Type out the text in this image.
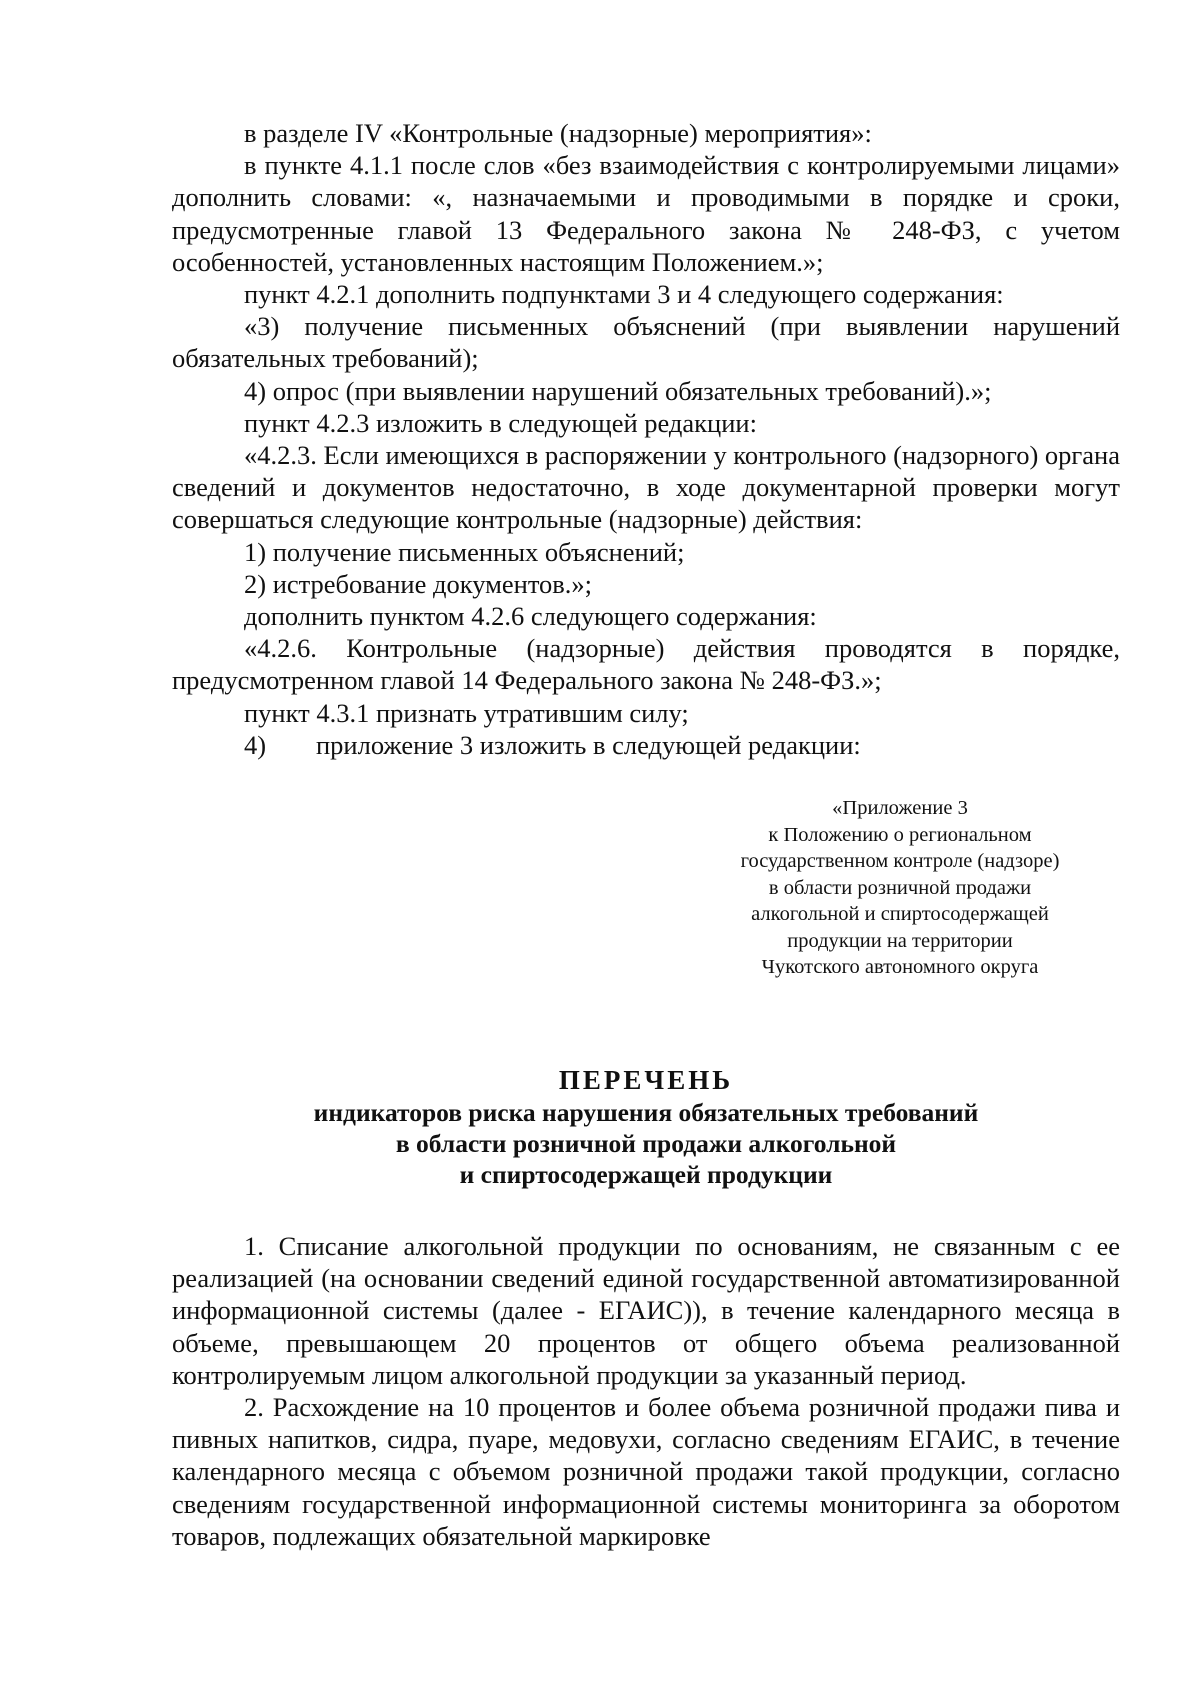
в разделе IV «Контрольные (надзорные) мероприятия»:

в пункте 4.1.1 после слов «без взаимодействия с контролируемыми лицами» дополнить словами: «, назначаемыми и проводимыми в порядке и сроки, предусмотренные главой 13 Федерального закона № 248-ФЗ, с учетом особенностей, установленных настоящим Положением.»;

пункт 4.2.1 дополнить подпунктами 3 и 4 следующего содержания:

«3) получение письменных объяснений (при выявлении нарушений обязательных требований);

4) опрос (при выявлении нарушений обязательных требований).»;

пункт 4.2.3 изложить в следующей редакции:

«4.2.3. Если имеющихся в распоряжении у контрольного (надзорного) органа сведений и документов недостаточно, в ходе документарной проверки могут совершаться следующие контрольные (надзорные) действия:

1) получение письменных объяснений;

2) истребование документов.»;

дополнить пунктом 4.2.6 следующего содержания:

«4.2.6. Контрольные (надзорные) действия проводятся в порядке, предусмотренном главой 14 Федерального закона № 248-ФЗ.»;

пункт 4.3.1 признать утратившим силу;

4) приложение 3 изложить в следующей редакции:

«Приложение 3
к Положению о региональном
государственном контроле (надзоре)
в области розничной продажи
алкогольной и спиртосодержащей
продукции на территории
Чукотского автономного округа
ПЕРЕЧЕНЬ
индикаторов риска нарушения обязательных требований
в области розничной продажи алкогольной
и спиртосодержащей продукции

1. Списание алкогольной продукции по основаниям, не связанным с ее реализацией (на основании сведений единой государственной автоматизированной информационной системы (далее - ЕГАИС)), в течение календарного месяца в объеме, превышающем 20 процентов от общего объема реализованной контролируемым лицом алкогольной продукции за указанный период.

2. Расхождение на 10 процентов и более объема розничной продажи пива и пивных напитков, сидра, пуаре, медовухи, согласно сведениям ЕГАИС, в течение календарного месяца с объемом розничной продажи такой продукции, согласно сведениям государственной информационной системы мониторинга за оборотом товаров, подлежащих обязательной маркировке
